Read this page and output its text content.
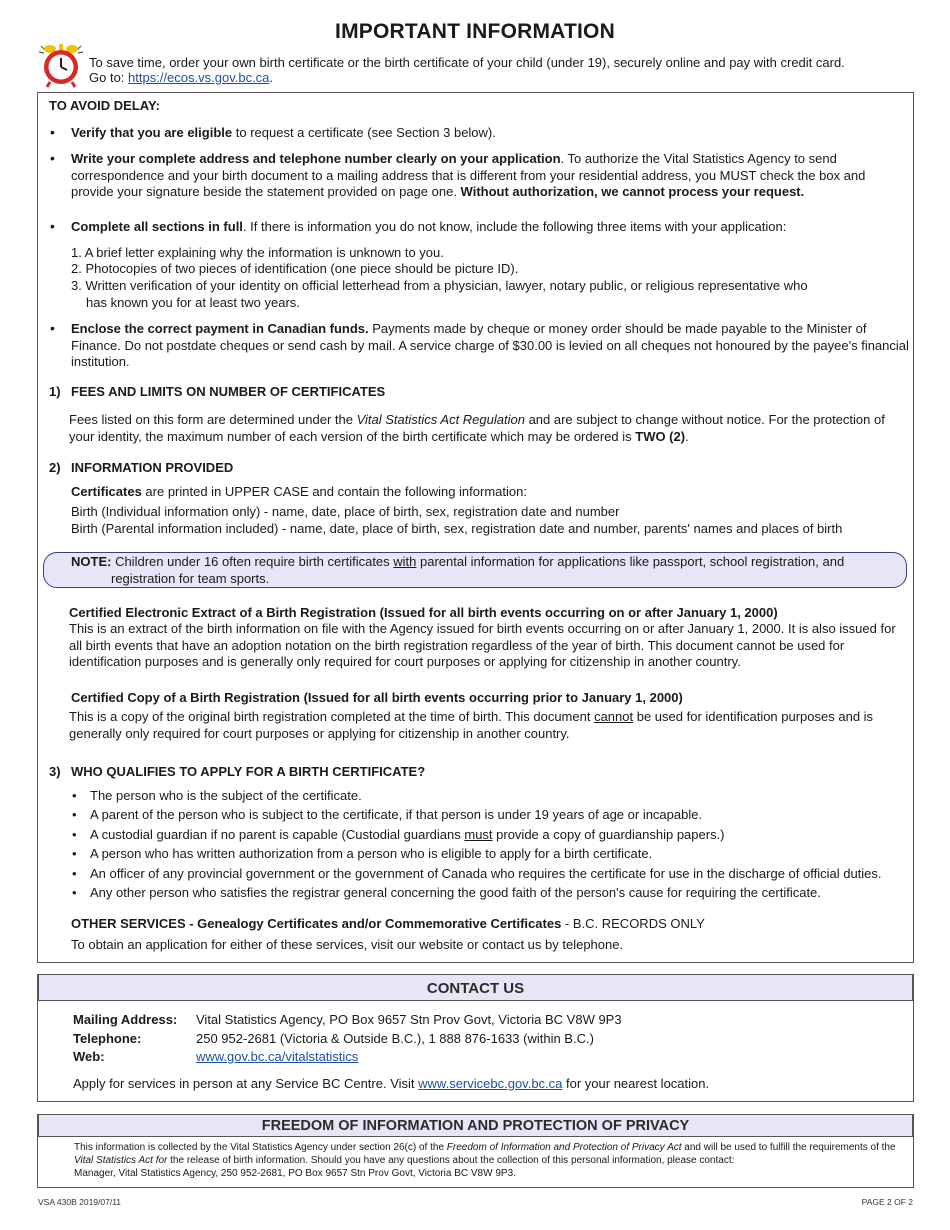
IMPORTANT INFORMATION
To save time, order your own birth certificate or the birth certificate of your child (under 19), securely online and pay with credit card.
Go to: https://ecos.vs.gov.bc.ca.
TO AVOID DELAY:
• Verify that you are eligible to request a certificate (see Section 3 below).
• Write your complete address and telephone number clearly on your application. To authorize the Vital Statistics Agency to send correspondence and your birth document to a mailing address that is different from your residential address, you MUST check the box and provide your signature beside the statement provided on page one. Without authorization, we cannot process your request.
• Complete all sections in full. If there is information you do not know, include the following three items with your application:
1. A brief letter explaining why the information is unknown to you.
2. Photocopies of two pieces of identification (one piece should be picture ID).
3. Written verification of your identity on official letterhead from a physician, lawyer, notary public, or religious representative who
has known you for at least two years.
• Enclose the correct payment in Canadian funds. Payments made by cheque or money order should be made payable to the Minister of Finance. Do not postdate cheques or send cash by mail. A service charge of $30.00 is levied on all cheques not honoured by the payee's financial institution.
1) FEES AND LIMITS ON NUMBER OF CERTIFICATES
Fees listed on this form are determined under the Vital Statistics Act Regulation and are subject to change without notice. For the protection of your identity, the maximum number of each version of the birth certificate which may be ordered is TWO (2).
2) INFORMATION PROVIDED
Certificates are printed in UPPER CASE and contain the following information:
Birth (Individual information only) - name, date, place of birth, sex, registration date and number
Birth (Parental information included) - name, date, place of birth, sex, registration date and number, parents' names and places of birth
NOTE: Children under 16 often require birth certificates with parental information for applications like passport, school registration, and
registration for team sports.
Certified Electronic Extract of a Birth Registration (Issued for all birth events occurring on or after January 1, 2000)
This is an extract of the birth information on file with the Agency issued for birth events occurring on or after January 1, 2000. It is also issued for all birth events that have an adoption notation on the birth registration regardless of the year of birth. This document cannot be used for identification purposes and is generally only required for court purposes or applying for citizenship in another country.
Certified Copy of a Birth Registration (Issued for all birth events occurring prior to January 1, 2000)
This is a copy of the original birth registration completed at the time of birth. This document cannot be used for identification purposes and is generally only required for court purposes or applying for citizenship in another country.
3) WHO QUALIFIES TO APPLY FOR A BIRTH CERTIFICATE?
• The person who is the subject of the certificate.
• A parent of the person who is subject to the certificate, if that person is under 19 years of age or incapable.
• A custodial guardian if no parent is capable (Custodial guardians must provide a copy of guardianship papers.)
• A person who has written authorization from a person who is eligible to apply for a birth certificate.
• An officer of any provincial government or the government of Canada who requires the certificate for use in the discharge of official duties.
• Any other person who satisfies the registrar general concerning the good faith of the person's cause for requiring the certificate.
OTHER SERVICES - Genealogy Certificates and/or Commemorative Certificates - B.C. RECORDS ONLY
To obtain an application for either of these services, visit our website or contact us by telephone.
CONTACT US
Mailing Address: Vital Statistics Agency, PO Box 9657 Stn Prov Govt, Victoria BC V8W 9P3
Telephone:	250 952-2681 (Victoria & Outside B.C.), 1 888 876-1633 (within B.C.)
Web:	www.gov.bc.ca/vitalstatistics
Apply for services in person at any Service BC Centre. Visit www.servicebc.gov.bc.ca for your nearest location.
FREEDOM OF INFORMATION AND PROTECTION OF PRIVACY
This information is collected by the Vital Statistics Agency under section 26(c) of the Freedom of Information and Protection of Privacy Act and will be used to fulfill the requirements of the Vital Statistics Act for the release of birth information. Should you have any questions about the collection of this personal information, please contact:
Manager, Vital Statistics Agency, 250 952-2681, PO Box 9657 Stn Prov Govt, Victoria BC V8W 9P3.
VSA 430B 2019/07/11	PAGE 2 OF 2
